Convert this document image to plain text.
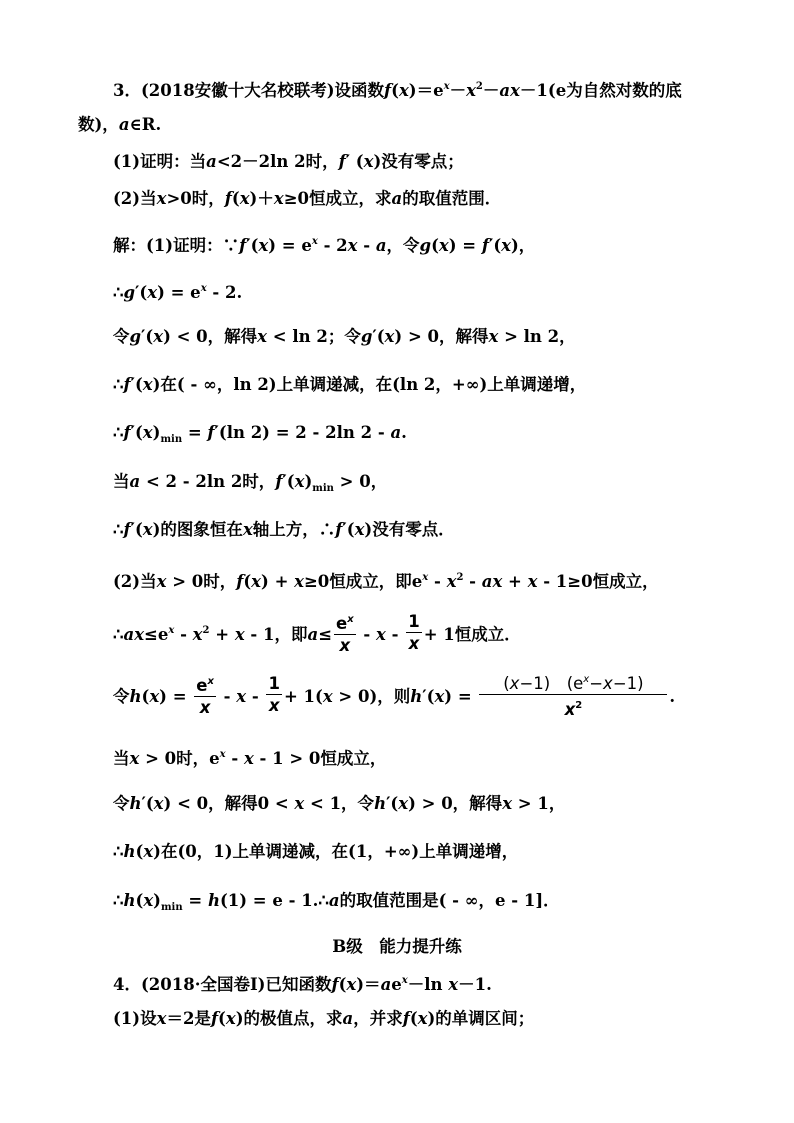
3．(2018安徽十大名校联考)设函数$f(x)=e^x-x^2-ax-1(e$为自然对数的底
数)，a∈R.
(1)证明：当a<2－2ln 2时，f′ (x)没有零点；
(2)当x>0时，f(x)＋x≥0恒成立，求a的取值范围．
解：(1)证明：∵f′(x) = $e^x - 2x$ - a，令g(x) = f′(x)，
∴g′(x) = $e^x - 2$.
令g′(x) < 0，解得x < ln 2；令g′(x) > 0，解得x > ln 2，
∴f′(x)在( - ∞，ln 2)上单调递减，在(ln 2，+∞)上单调递增，
$\therefore f'(x)_{min} = f'(\ln$ 2) = 2 - 2ln 2 - a.
当a < 2 - 2ln 2时，$f'(x)_{min} > 0$，
∴f′(x)的图象恒在x轴上方，∴f′(x)没有零点．
(2)当x > 0时，f(x) + x≥0恒成立，即$e^x - x^2$ - ax + x - 1≥0恒成立，
$\therefore ax\le e^x - x^2 + x - 1$，即$a\le \frac{e^x}{x} - x - \frac{1}{x} + 1$恒成立．
令$h(x) = \frac{e^x}{x} - x - \frac{1}{x} + 1(x > 0)$，则$h'(x) = \frac{(x-1) (e^x-x-1)}{x^2}$ .
当x > 0时，$e^x - x - 1 > 0$恒成立，
令h′(x) < 0，解得0 < x < 1，令h′(x) > 0，解得x > 1，
∴h(x)在(0，1)上单调递减，在(1，+∞)上单调递增，
$\therefore h(x)_{min} = h(1) = e$ - 1.∴a的取值范围是( - ∞，e - 1]．
B级　能力提升练
4．(2018·全国卷Ⅰ)已知函数$f(x)=ae^x-\ln$ x－1.
(1)设x＝2是f(x)的极值点，求a，并求f(x)的单调区间；
